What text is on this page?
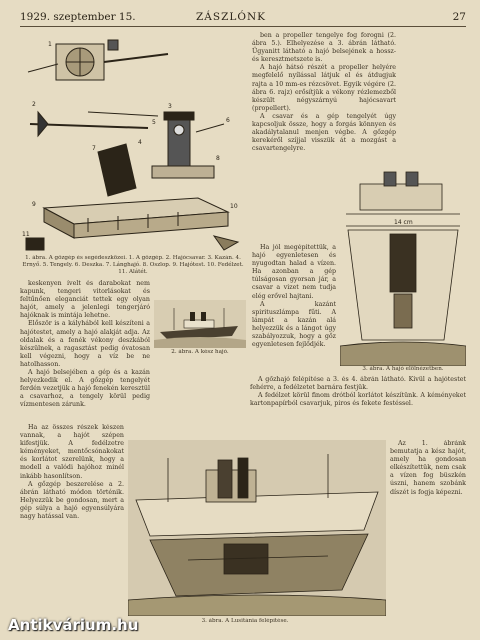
1929. szeptember 15.	ZÁSZLÓNK	27
1
2	3
4
5	6
7
8
9	10
11
1. ábra. A gőzgép és segédeszközei. 1. A gőzgép. 2. Hajócsavar. 3. Kazán. 4. Ernyő. 5. Tengely. 6. Deszka. 7. Lánghajó. 8. Oszlop. 9. Hajótest. 10. Fedélzet. 11. Alátét.

keskenyen ívelt és darabokat nem kapunk, tengeri vitorlásokat és feltűnően eleganciát tettek egy olyan hajót, amely a jelenlegi tengerjáró hajóknak is mintája lehetne.

Először is a kályhából kell készíteni a hajótestet, amely a hajó alakját adja. Az oldalak és a fenék vékony deszkából készülnek, a ragasztást pedig óvatosan kell végezni, hogy a víz be ne hatolhasson.

A hajó belsejében a gép és a kazán helyezkedik el. A gőzgép tengelyét ferdén vezetjük a hajó fenekén keresztül a csavarhoz, a tengely körül pedig vízmentesen zárunk.

2. ábra. A kész hajó.

Ha az összes részek készen vannak, a hajót szépen kifestjük. A fedélzetre kéményeket, mentőcsónakokat és korlátot szerelünk, hogy a modell a valódi hajóhoz minél inkább hasonlítson.

A gőzgép beszerelése a 2. ábrán látható módon történik. Helyezzük be gondosan, mert a gép súlya a hajó egyensúlyára nagy hatással van.

ben a propeller tengelye fog forogni (2. ábra 5.). Elhelyezése a 3. ábrán látható. Ügyanitt látható a hajó belsejének a hossz- és keresztmetszete is.

A hajó hátsó részét a propeller helyére megfelelő nyílással látjuk el és átdugjuk rajta a 10 mm-es rézcsövet. Egyik végére (2. ábra 6. rajz) erősítjük a vékony rézlemezből készült négyszárnyú hajócsavart (propellert).

A csavar és a gép tengelyét úgy kapcsoljuk össze, hogy a forgás könnyen és akadálytalanul menjen végbe. A gőzgép kerekéről szíjjal visszük át a mozgást a csavartengelyre.

14 cm
3. ábra. A hajó elölnézetben.

Ha jól megépítettük, a hajó egyenletesen és nyugodtan halad a vízen. Ha azonban a gép túlságosan gyorsan jár, a csavar a vizet nem tudja elég erővel hajtani.

A kazánt spirituszlámpa fűti. A lámpát a kazán alá helyezzük és a lángot úgy szabályozzuk, hogy a gőz egyenletesen fejlődjék.

A gőzhajó felépítése a 3. és 4. ábrán látható. Kívül a hajótestet fehérre, a fedélzetet barnára festjük.

A fedélzet körül finom drótból korlátot készítünk. A kéményeket kartonpapírból csavarjuk, piros és fekete festéssel.

3. ábra. A Lusitánia felépítése.

Az 1. ábránk bemutatja a kész hajót, amely ha gondosan elkészítettük, nem csak a vízen fog büszkén úszni, hanem szobánk díszét is fogja képezni.

Antikvárium.hu
